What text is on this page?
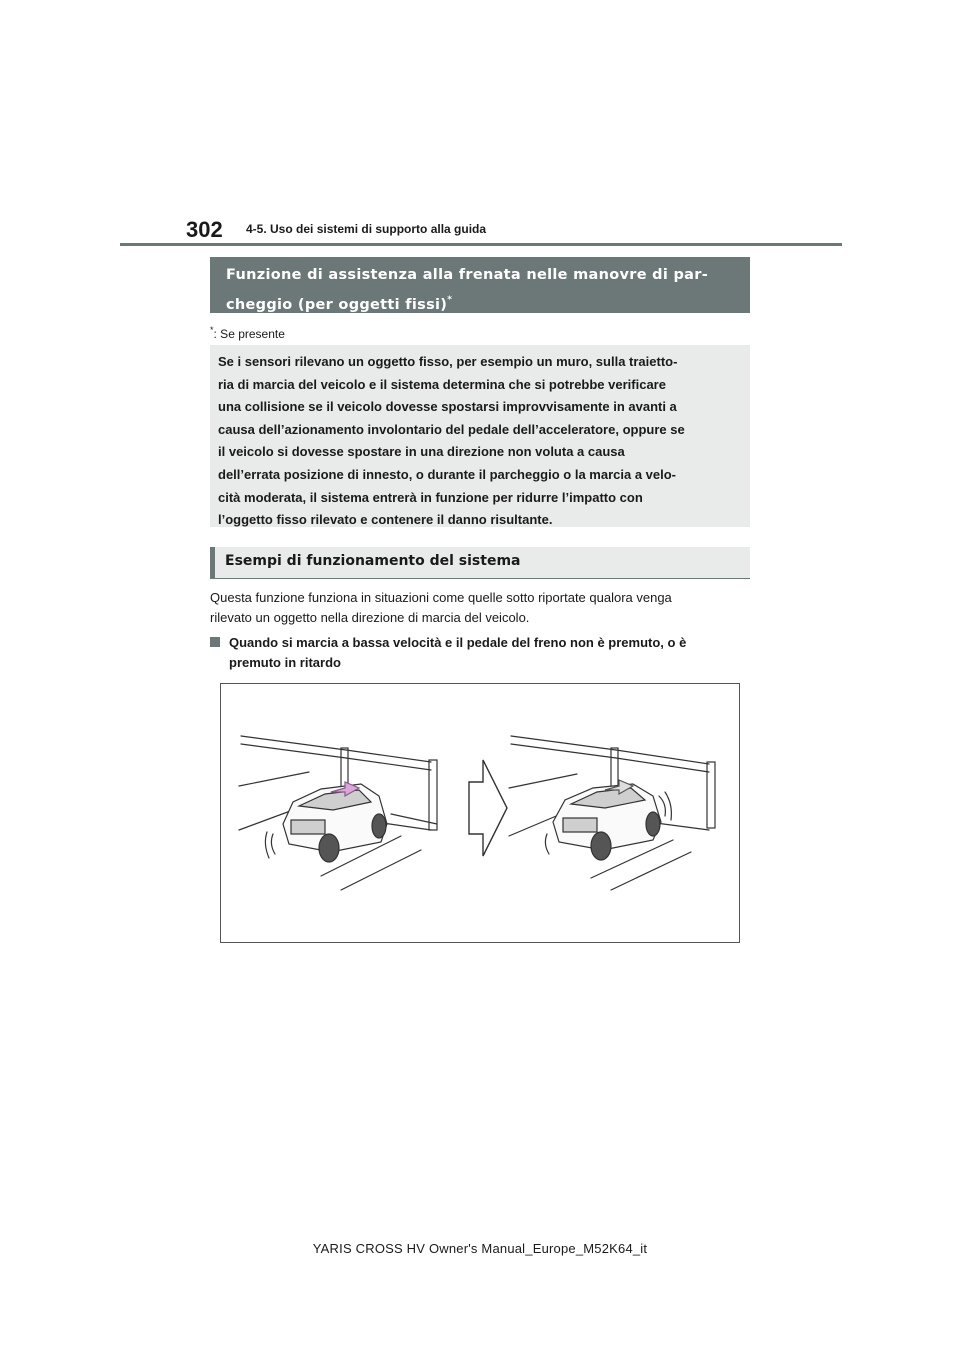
302 4-5. Uso dei sistemi di supporto alla guida
Funzione di assistenza alla frenata nelle manovre di par-
cheggio (per oggetti fissi)*
*: Se presente

Se i sensori rilevano un oggetto fisso, per esempio un muro, sulla traietto-

ria di marcia del veicolo e il sistema determina che si potrebbe verificare

una collisione se il veicolo dovesse spostarsi improvvisamente in avanti a

causa dell’azionamento involontario del pedale dell’acceleratore, oppure se

il veicolo si dovesse spostare in una direzione non voluta a causa

dell’errata posizione di innesto, o durante il parcheggio o la marcia a velo-

cità moderata, il sistema entrerà in funzione per ridurre l’impatto con

l’oggetto fisso rilevato e contenere il danno risultante.

Esempi di funzionamento del sistema

Questa funzione funziona in situazioni come quelle sotto riportate qualora venga

rilevato un oggetto nella direzione di marcia del veicolo.

Quando si marcia a bassa velocità e il pedale del freno non è premuto, o è

premuto in ritardo

YARIS CROSS HV Owner's Manual_Europe_M52K64_it
